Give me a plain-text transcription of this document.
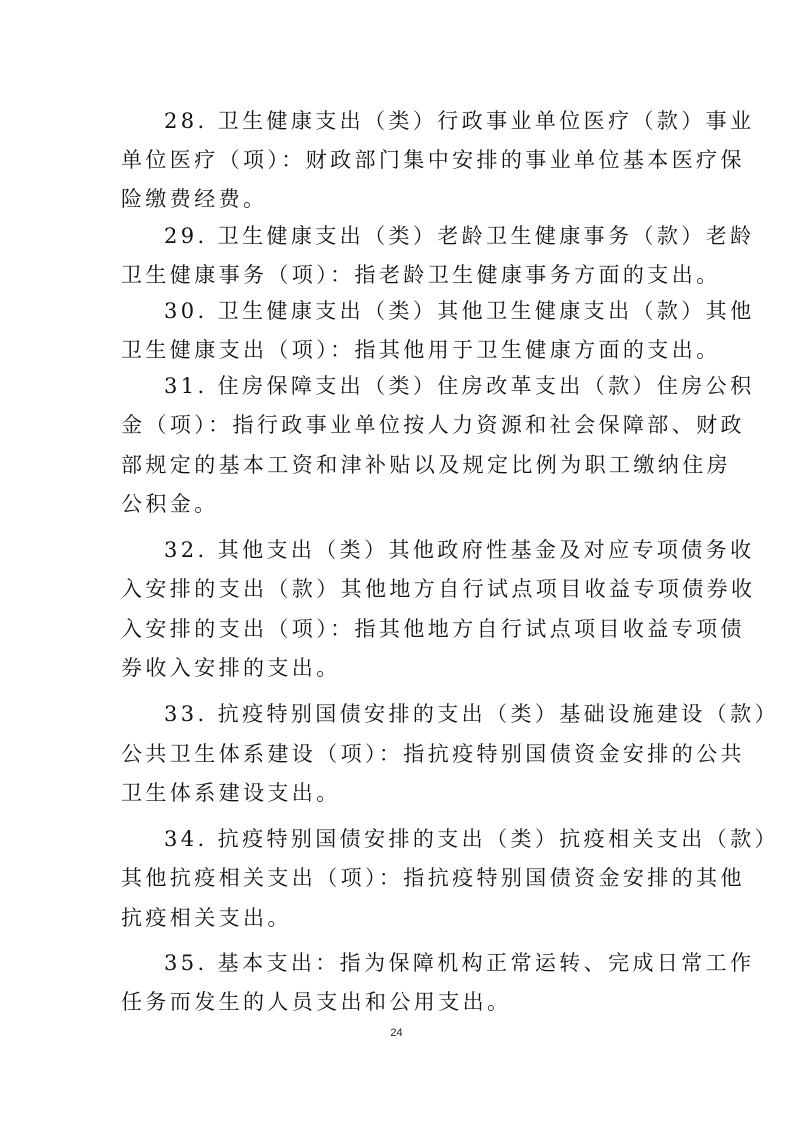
28. 卫生健康支出（类）行政事业单位医疗（款）事业
单位医疗（项）：财政部门集中安排的事业单位基本医疗保
险缴费经费。
29. 卫生健康支出（类）老龄卫生健康事务（款）老龄
卫生健康事务（项）：指老龄卫生健康事务方面的支出。
30. 卫生健康支出（类）其他卫生健康支出（款）其他
卫生健康支出（项）：指其他用于卫生健康方面的支出。
31. 住房保障支出（类）住房改革支出（款）住房公积
金（项）：指行政事业单位按人力资源和社会保障部、财政
部规定的基本工资和津补贴以及规定比例为职工缴纳住房
公积金。
32. 其他支出（类）其他政府性基金及对应专项债务收
入安排的支出（款）其他地方自行试点项目收益专项债券收
入安排的支出（项）：指其他地方自行试点项目收益专项债
券收入安排的支出。
33. 抗疫特别国债安排的支出（类）基础设施建设（款）
公共卫生体系建设（项）：指抗疫特别国债资金安排的公共
卫生体系建设支出。
34. 抗疫特别国债安排的支出（类）抗疫相关支出（款）
其他抗疫相关支出（项）：指抗疫特别国债资金安排的其他
抗疫相关支出。
35. 基本支出：指为保障机构正常运转、完成日常工作
任务而发生的人员支出和公用支出。
24
